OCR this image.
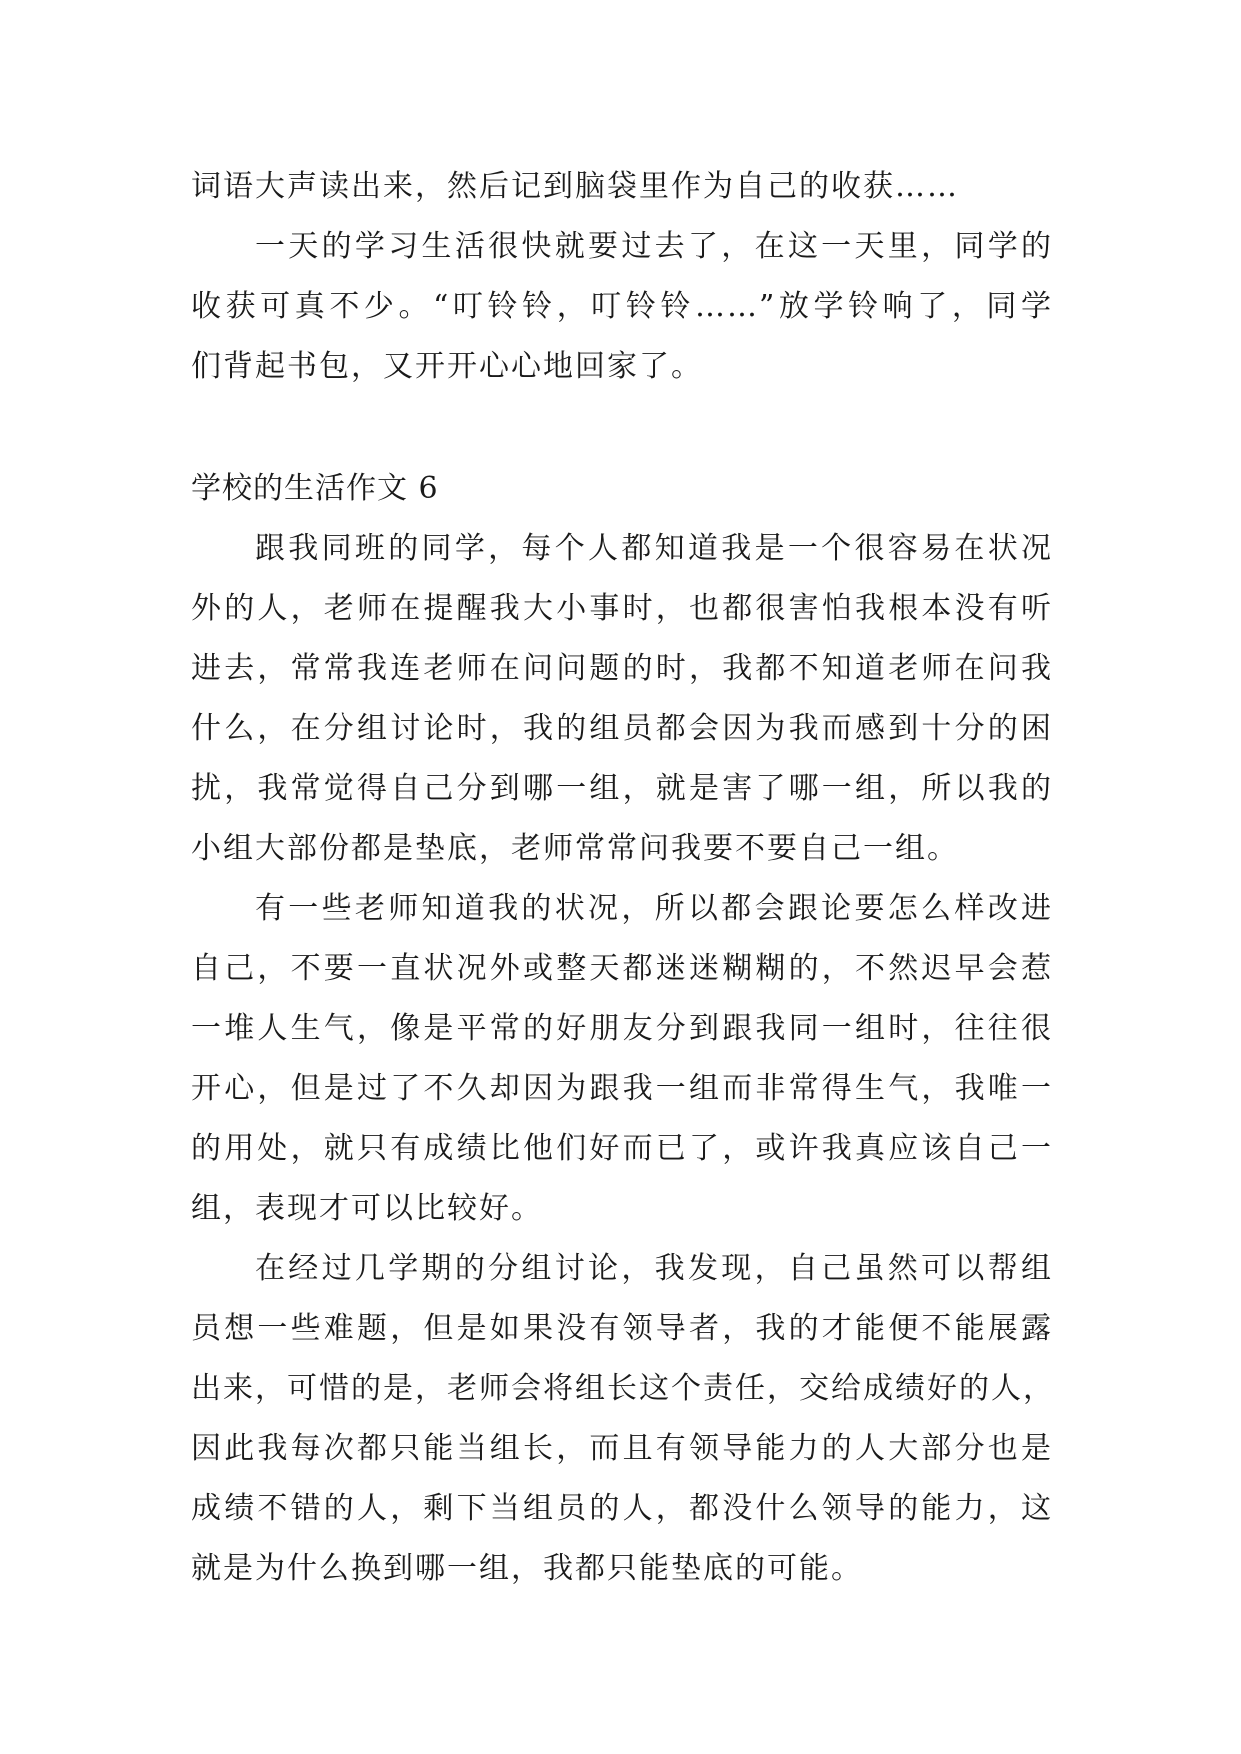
词语大声读出来，然后记到脑袋里作为自己的收获……
一天的学习生活很快就要过去了，在这一天里，同学的
收获可真不少。“叮铃铃，叮铃铃……”放学铃响了，同学
们背起书包，又开开心心地回家了。
学校的生活作文 6
跟我同班的同学，每个人都知道我是一个很容易在状况
外的人，老师在提醒我大小事时，也都很害怕我根本没有听
进去，常常我连老师在问问题的时，我都不知道老师在问我
什么，在分组讨论时，我的组员都会因为我而感到十分的困
扰，我常觉得自己分到哪一组，就是害了哪一组，所以我的
小组大部份都是垫底，老师常常问我要不要自己一组。
有一些老师知道我的状况，所以都会跟论要怎么样改进
自己，不要一直状况外或整天都迷迷糊糊的，不然迟早会惹
一堆人生气，像是平常的好朋友分到跟我同一组时，往往很
开心，但是过了不久却因为跟我一组而非常得生气，我唯一
的用处，就只有成绩比他们好而已了，或许我真应该自己一
组，表现才可以比较好。
在经过几学期的分组讨论，我发现，自己虽然可以帮组
员想一些难题，但是如果没有领导者，我的才能便不能展露
出来，可惜的是，老师会将组长这个责任，交给成绩好的人，
因此我每次都只能当组长，而且有领导能力的人大部分也是
成绩不错的人，剩下当组员的人，都没什么领导的能力，这
就是为什么换到哪一组，我都只能垫底的可能。
